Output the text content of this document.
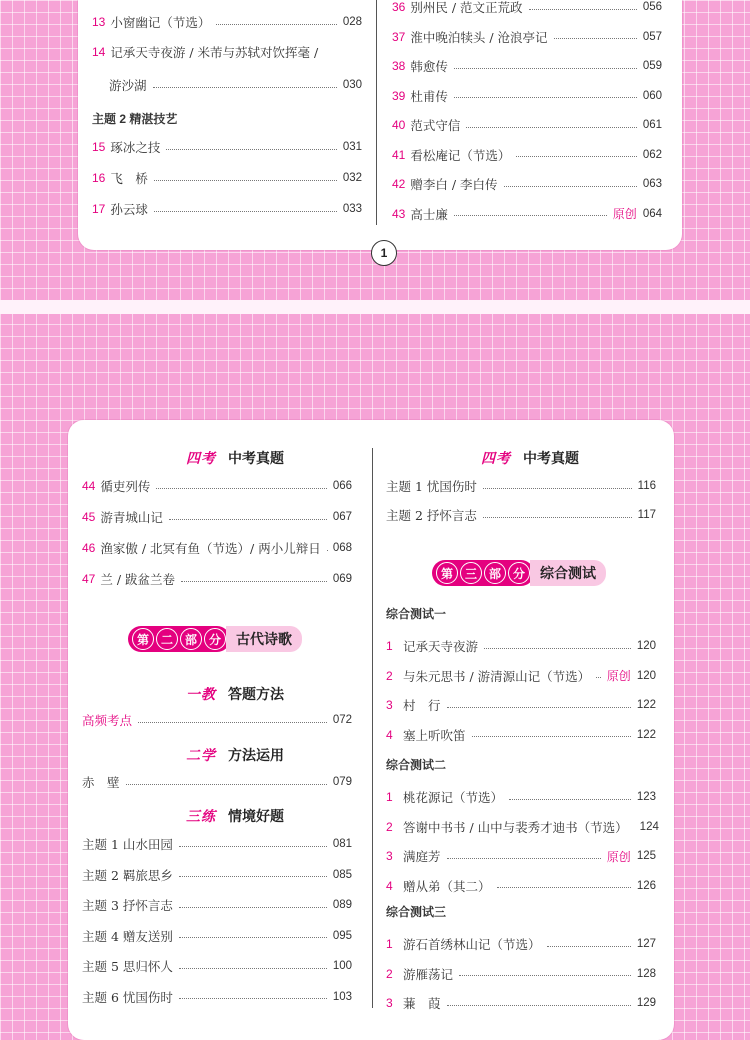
13 小窗幽记（节选）	028
14 记承天寺夜游 / 米芾与苏轼对饮挥毫 /
游沙湖	030
主题 2 精湛技艺
15 琢冰之技	031
16 飞　桥	032
17 孙云球	033
36 别州民 / 范文正荒政	056
37 淮中晚泊犊头 / 沧浪亭记	057
38 韩愈传	059
39 杜甫传	060
40 范式守信	061
41 看松庵记（节选）	062
42 赠李白 / 李白传	063
43 高士廉	原创 064
1
四考 中考真题
44 循吏列传	066
45 游青城山记	067
46 渔家傲 / 北冥有鱼（节选）/ 两小儿辩日 068
47 兰 / 跋盆兰卷	069
第 二 部 分	古代诗歌
一教 答题方法
高频考点	072
二学 方法运用
赤　壁	079
三练 情境好题
主题 1 山水田园	081
主题 2 羁旅思乡	085
主题 3 抒怀言志	089
主题 4 赠友送别	095
主题 5 思归怀人	100
主题 6 忧国伤时	103
四考 中考真题
主题 1 忧国伤时	116
主题 2 抒怀言志	117
第 三 部 分	综合测试
综合测试一
1 记承天寺夜游	120
2 与朱元思书 / 游清源山记（节选） 原创 120
3 村　行	122
4 塞上听吹笛	122
综合测试二
1 桃花源记（节选）	123
2 答谢中书书 / 山中与裴秀才迪书（节选） 124
3 满庭芳	原创 125
4 赠从弟（其二）	126
综合测试三
1 游石首绣林山记（节选）	127
2 游雁荡记	128
3 蒹　葭	129
